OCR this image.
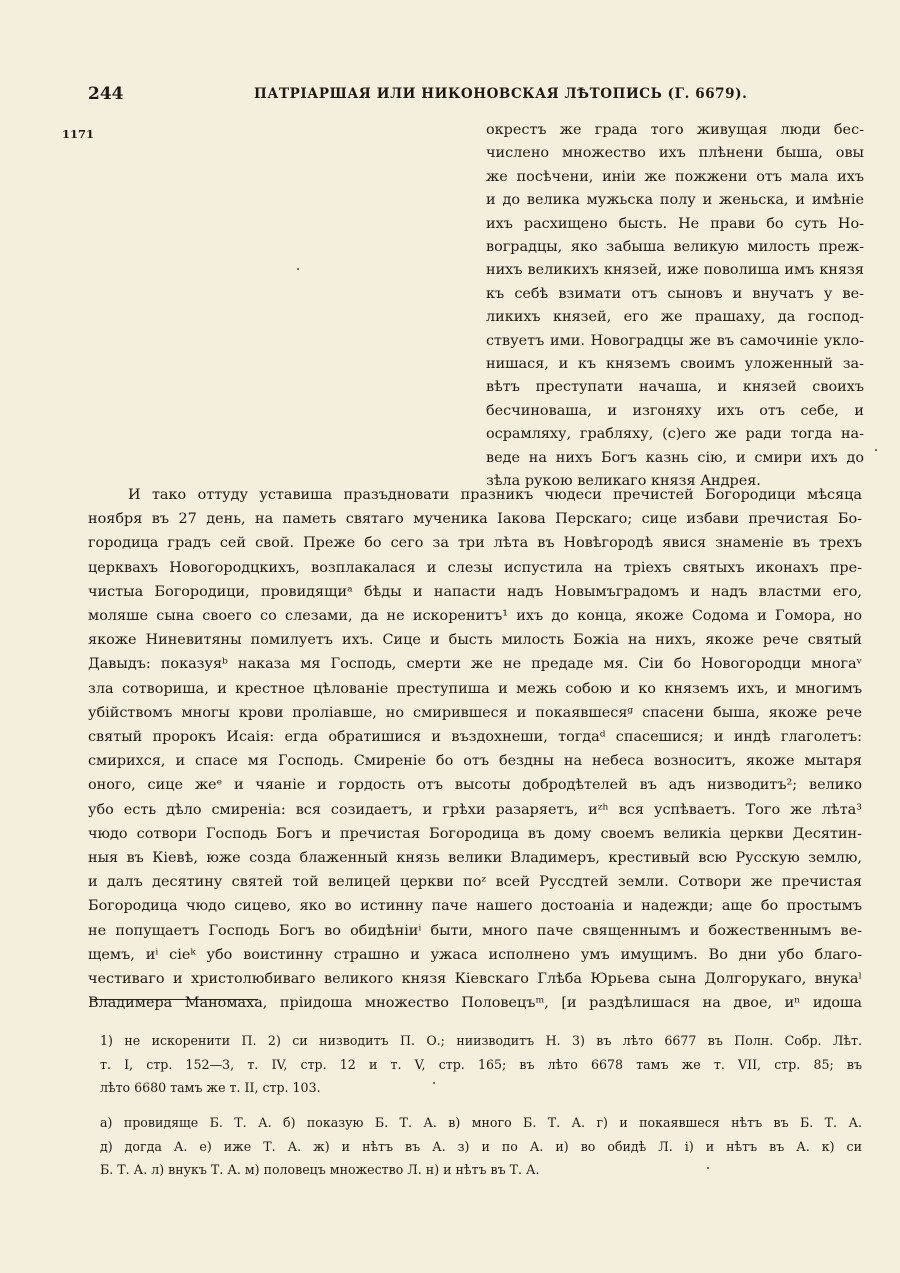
244	ПАТРІАРШАЯ ИЛИ НИКОНОВСКАЯ ЛѢТОПИСЬ (Г. 6679).
1171	окрестъ же града того живущая люди бес-
числено множество ихъ плѣнени быша, овы
же посѣчени, иніи же пожжени отъ мала ихъ
и до велика мужьска полу и женьска, и имѣніе
ихъ расхищено бысть. Не прави бо суть Но-
воградцы, яко забыша великую милость преж-
нихъ великихъ князей, иже поволиша имъ князя
къ себѣ взимати отъ сыновъ и внучатъ у ве-
ликихъ князей, его же прашаху, да господ-
ствуетъ ими. Новоградцы же въ самочиніе укло-
нишася, и къ княземъ своимъ уложенный за-
вѣтъ преступати начаша, и князей своихъ
бесчиноваша, и изгоняху ихъ отъ себе, и
осрамляху, грабляху, (с)его же ради тогда на-
веде на нихъ Богъ казнь сію, и смири ихъ до
зѣла рукою великаго князя Андрея.
И тако оттуду уставиша празъдновати празникъ чюдеси пречистей Богородици мѣсяца
ноября въ 27 день, на паметь святаго мученика Іакова Перскаго; сице избави пречистая Бо-
городица градъ сей свой. Преже бо сего за три лѣта въ Новѣгородѣ явися знаменіе въ трехъ
церквахъ Новогородцкихъ, возплакалася и слезы испустила на тріехъ святыхъ иконахъ пре-
чистыа Богородици, провидящиᵃ бѣды и напасти надъ Новымъградомъ и надъ властми его,
моляше сына своего со слезами, да не искоренитъ¹ ихъ до конца, якоже Содома и Гомора, но
якоже Ниневитяны помилуетъ ихъ. Сице и бысть милость Божіа на нихъ, якоже рече святый
Давыдъ: показуяᵇ наказа мя Господь, смерти же не предаде мя. Сіи бо Новогородци многаᵛ
зла сотвориша, и крестное цѣлованіе преступиша и межь собою и ко княземъ ихъ, и многимъ
убійствомъ многы крови проліавше, но смирившеся и покаявшесяᵍ спасени быша, якоже рече
святый пророкъ Исаія: егда обратишися и въздохнеши, тогдаᵈ спасешися; и индѣ глаголетъ:
смирихся, и спасе мя Господь. Смиреніе бо отъ бездны на небеса возноситъ, якоже мытаря
оного, сице жеᵉ и чяаніе и гордость отъ высоты добродѣтелей въ адъ низводитъ²; велико
убо есть дѣло смиреніа: вся созидаетъ, и грѣхи разаряетъ, иᶻʰ вся успѣваетъ. Того же лѣта³
чюдо сотвори Господь Богъ и пречистая Богородица въ дому своемъ великіа церкви Десятин-
ныя въ Кіевѣ, юже созда блаженный князь велики Владимеръ, крестивый всю Русскую землю,
и далъ десятину святей той велицей церкви поᶻ всей Руссдтей земли. Сотвори же пречистая
Богородица чюдо сицево, яко во истинну паче нашего достоаніа и надежди; аще бо простымъ
не попущаетъ Господь Богъ во обидѣніиⁱ быти, много паче священнымъ и божественнымъ ве-
щемъ, иⁱ сіеᵏ убо воистинну страшно и ужаса исполнено умъ имущимъ. Во дни убо благо-
честиваго и христолюбиваго великого князя Кіевскаго Глѣба Юрьева сына Долгорукаго, внукаˡ
Владимера Маномаха, пріидоша множество Половецъᵐ, [и раздѣлишася на двое, иⁿ идоша
1) не искоренити П. 2) си низводитъ П. О.; ниизводитъ Н. 3) въ лѣто 6677 въ Полн. Собр. Лѣт.
т. I, стр. 152—3, т. IV, стр. 12 и т. V, стр. 165; въ лѣто 6678 тамъ же т. VII, стр. 85; въ
лѣто 6680 тамъ же т. II, стр. 103.
а) провидяще Б. Т. А. б) показую Б. Т. А. в) много Б. Т. А. г) и покаявшеся нѣтъ въ Б. Т. А.
д) догда А. е) иже Т. А. ж) и нѣтъ въ А. з) и по А. и) во обидѣ Л. і) и нѣтъ въ А. к) си
Б. Т. А. л) внукъ Т. А. м) половецъ множество Л. н) и нѣтъ въ Т. А.
